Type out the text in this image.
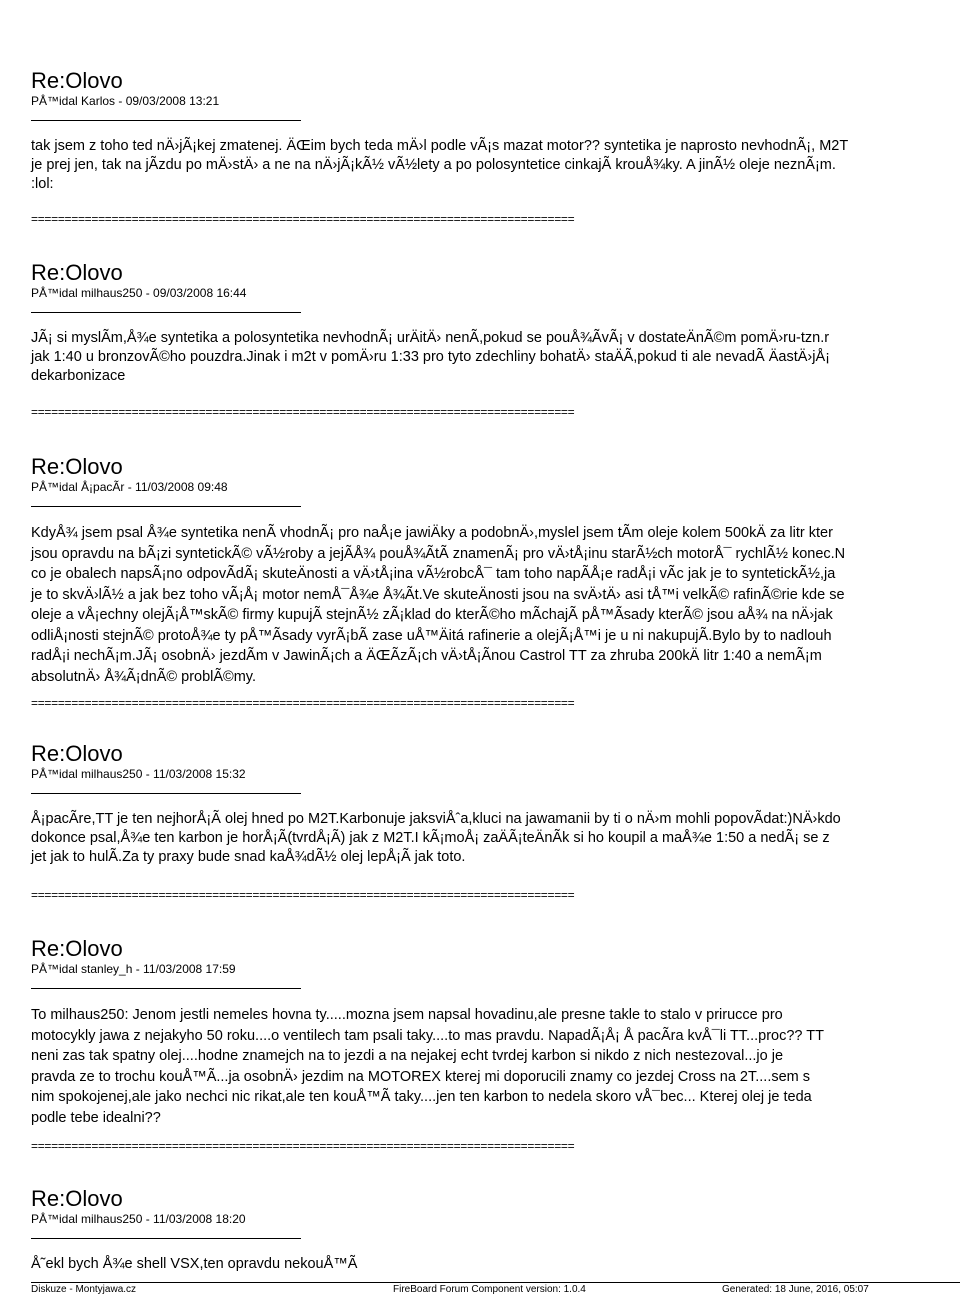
Re:Olovo
PÅ™idal Karlos - 09/03/2008 13:21
tak jsem z toho ted nÄ›jÃ¡kej zmatenej. ÄŒim bych teda mÄ›l podle vÃ¡s mazat motor?? syntetika je naprosto nevhodnÃ¡, M2T
je prej jen, tak na jÃzdu po mÄ›stÄ› a ne na nÄ›jÃ¡kÃ½ vÃ½lety a po polosyntetice cinkajÃ krouÅ¾ky. A jinÃ½ oleje neznÃ¡m.
:lol:
=================================================================================
Re:Olovo
PÅ™idal milhaus250 - 09/03/2008 16:44
JÃ¡ si myslÃm,Å¾e syntetika a polosyntetika nevhodnÃ¡ urÄitÄ› nenÃ,pokud se pouÅ¾ÃvÃ¡ v dostateÄnÃ©m pomÄ›ru-tzn.r
jak 1:40 u bronzovÃ©ho pouzdra.Jinak i m2t v pomÄ›ru 1:33 pro tyto zdechliny bohatÄ› staÄÃ,pokud ti ale nevadÃ ÄastÄ›jÅ¡
dekarbonizace
=================================================================================
Re:Olovo
PÅ™idal Å¡pacÃr - 11/03/2008 09:48
KdyÅ¾ jsem psal Å¾e syntetika nenÃ vhodnÃ¡ pro naÅ¡e jawiÄky a podobnÄ›,myslel jsem tÃm oleje kolem 500kÄ za litr kter
jsou opravdu na bÃ¡zi syntetickÃ© vÃ½roby a jejÃÅ¾ pouÅ¾ÃtÃ znamenÃ¡ pro vÄ›tÅ¡inu starÃ½ch motorÅ¯ rychlÃ½ konec.N
co je obalech napsÃ¡no odpovÃdÃ¡ skuteÄnosti a vÄ›tÅ¡ina vÃ½robcÅ¯ tam toho napÃÅ¡e radÅ¡i vÃc jak je to syntetickÃ½,ja
je to skvÄ›lÃ½ a jak bez toho vÃ¡Å¡ motor nemÅ¯Å¾e Å¾Ãt.Ve skuteÄnosti jsou na svÄ›tÄ› asi tÅ™i velkÃ© rafinÃ©rie kde se
oleje a vÅ¡echny olejÃ¡Å™skÃ© firmy kupujÃ stejnÃ½ zÃ¡klad do kterÃ©ho mÃchajÃ pÅ™Ãsady kterÃ© jsou aÅ¾ na nÄ›jak
odliÅ¡nosti stejnÃ© protoÅ¾e ty pÅ™Ãsady vyrÃ¡bÃ zase uÅ™Äitá rafinerie a olejÃ¡Å™i je u ni nakupujÃ.Bylo by to nadlouh
radÅ¡i nechÃ¡m.JÃ¡ osobnÄ› jezdÃm v JawinÃ¡ch a ÄŒÃzÃ¡ch vÄ›tÅ¡Ãnou Castrol TT za zhruba 200kÄ litr 1:40 a nemÃ¡m
absolutnÄ› Å¾Ã¡dnÃ© problÃ©my.
=================================================================================
Re:Olovo
PÅ™idal milhaus250 - 11/03/2008 15:32
Å¡pacÃre,TT je ten nejhorÅ¡Ã olej hned po M2T.Karbonuje jaksviÅˆa,kluci na jawamanii by ti o nÄ›m mohli popovÃdat:)NÄ›kdo
dokonce psal,Å¾e ten karbon je horÅ¡Ã(tvrdÅ¡Ã) jak z M2T.I kÃ¡moÅ¡ zaÄÃ¡teÄnÃk si ho koupil a maÅ¾e 1:50 a nedÃ¡ se z
jet jak to hulÃ.Za ty praxy bude snad kaÅ¾dÃ½ olej lepÅ¡Ã jak toto.
=================================================================================
Re:Olovo
PÅ™idal stanley_h - 11/03/2008 17:59
To milhaus250: Jenom jestli nemeles hovna ty.....mozna jsem napsal hovadinu,ale presne takle to stalo v prirucce pro
motocykly jawa z nejakyho 50 roku....o ventilech tam psali taky....to mas pravdu. NapadÃ¡Å¡ Å pacÃra kvÅ¯li TT...proc?? TT
neni zas tak spatny olej....hodne znamejch na to jezdi a na nejakej echt tvrdej karbon si nikdo z nich nestezoval...jo je
pravda ze to trochu kouÅ™Ã...ja osobnÄ› jezdim na MOTOREX kterej mi doporucili znamy co jezdej Cross na 2T....sem s
nim spokojenej,ale jako nechci nic rikat,ale ten kouÅ™Ã taky....jen ten karbon to nedela skoro vÅ¯bec... Kterej olej je teda
podle tebe idealni??
=================================================================================
Re:Olovo
PÅ™idal milhaus250 - 11/03/2008 18:20
Å˜ekl bych Å¾e shell VSX,ten opravdu nekouÅ™Ã
Diskuze - Montyjawa.cz	FireBoard Forum Component version: 1.0.4	Generated: 18 June, 2016, 05:07
